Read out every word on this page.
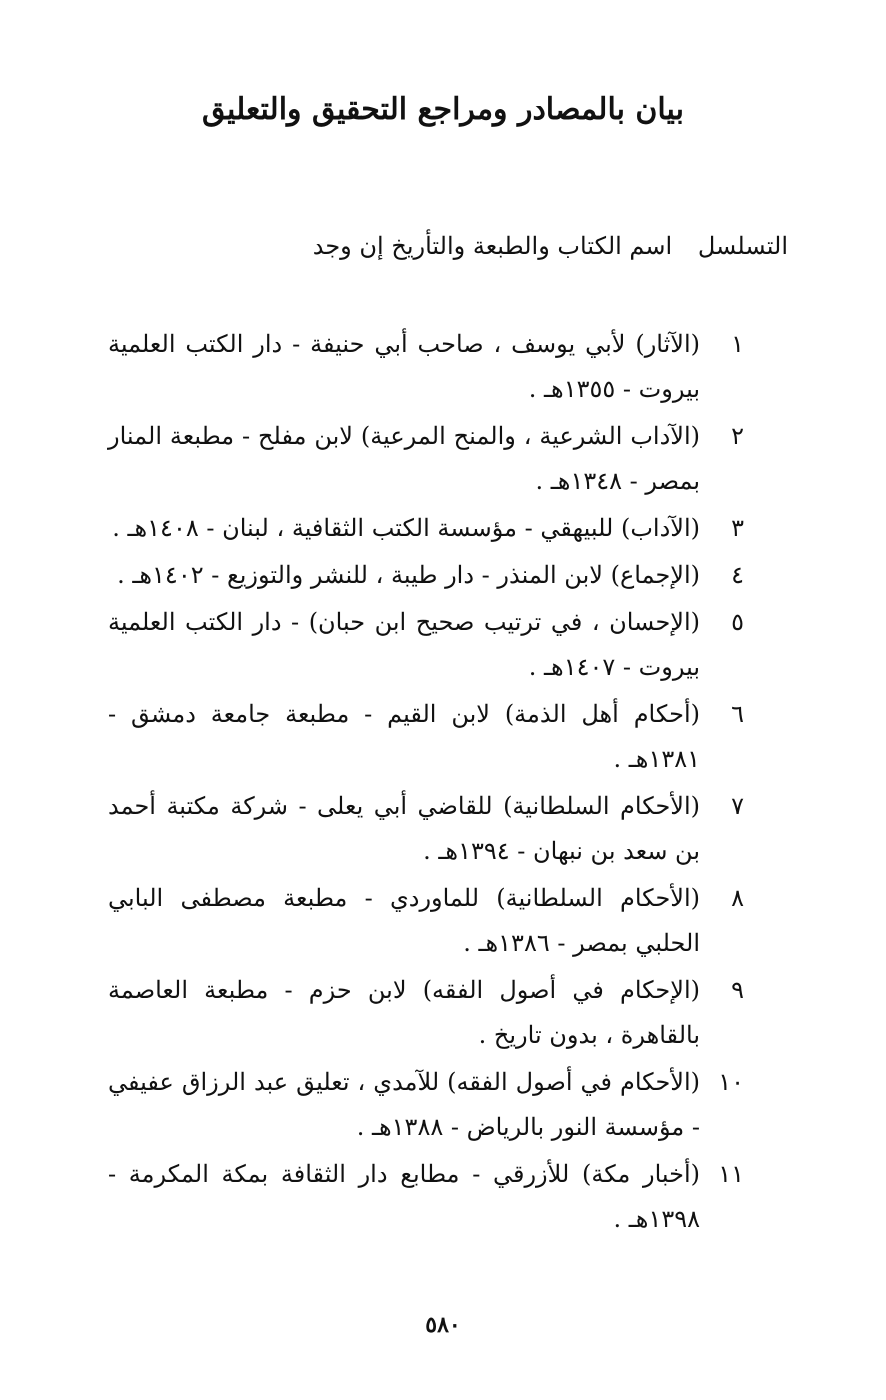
بيان بالمصادر ومراجع التحقيق والتعليق
التسلسل اسم الكتاب والطبعة والتأريخ إن وجد
١
(الآثار) لأبي يوسف ، صاحب أبي حنيفة - دار الكتب العلمية بيروت - ١٣٥٥هـ .
٢
(الآداب الشرعية ، والمنح المرعية) لابن مفلح - مطبعة المنار بمصر - ١٣٤٨هـ .
٣
(الآداب) للبيهقي - مؤسسة الكتب الثقافية ، لبنان - ١٤٠٨هـ .
٤
(الإجماع) لابن المنذر - دار طيبة ، للنشر والتوزيع - ١٤٠٢هـ .
٥
(الإحسان ، في ترتيب صحيح ابن حبان) - دار الكتب العلمية بيروت - ١٤٠٧هـ .
٦
(أحكام أهل الذمة) لابن القيم - مطبعة جامعة دمشق - ١٣٨١هـ .
٧
(الأحكام السلطانية) للقاضي أبي يعلى - شركة مكتبة أحمد بن سعد بن نبهان - ١٣٩٤هـ .
٨
(الأحكام السلطانية) للماوردي - مطبعة مصطفى البابي الحلبي بمصر - ١٣٨٦هـ .
٩
(الإحكام في أصول الفقه) لابن حزم - مطبعة العاصمة بالقاهرة ، بدون تاريخ .
١٠
(الأحكام في أصول الفقه) للآمدي ، تعليق عبد الرزاق عفيفي - مؤسسة النور بالرياض - ١٣٨٨هـ .
١١
(أخبار مكة) للأزرقي - مطابع دار الثقافة بمكة المكرمة - ١٣٩٨هـ .
٥٨٠
